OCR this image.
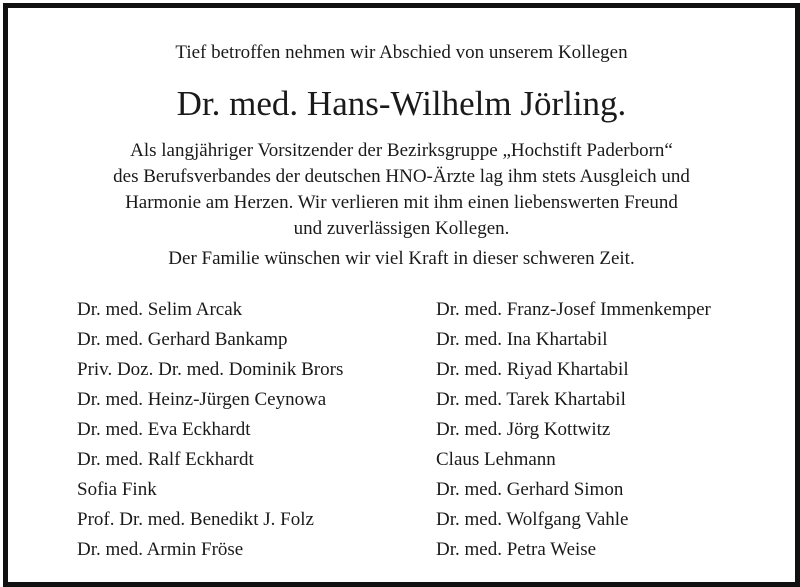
Tief betroffen nehmen wir Abschied von unserem Kollegen
Dr. med. Hans-Wilhelm Jörling.
Als langjähriger Vorsitzender der Bezirksgruppe „Hochstift Paderborn“
des Berufsverbandes der deutschen HNO-Ärzte lag ihm stets Ausgleich und
Harmonie am Herzen. Wir verlieren mit ihm einen liebenswerten Freund
und zuverlässigen Kollegen.
Der Familie wünschen wir viel Kraft in dieser schweren Zeit.
Dr. med. Selim Arcak
Dr. med. Gerhard Bankamp
Priv. Doz. Dr. med. Dominik Brors
Dr. med. Heinz-Jürgen Ceynowa
Dr. med. Eva Eckhardt
Dr. med. Ralf Eckhardt
Sofia Fink
Prof. Dr. med. Benedikt J. Folz
Dr. med. Armin Fröse
Dr. med. Franz-Josef Immenkemper
Dr. med. Ina Khartabil
Dr. med. Riyad Khartabil
Dr. med. Tarek Khartabil
Dr. med. Jörg Kottwitz
Claus Lehmann
Dr. med. Gerhard Simon
Dr. med. Wolfgang Vahle
Dr. med. Petra Weise
